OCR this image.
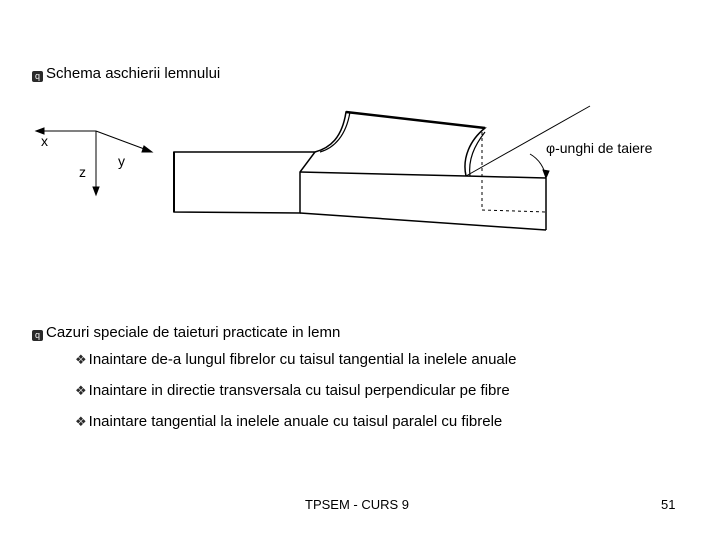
q Schema aschierii lemnului
x
z
y
φ-unghi de taiere
q Cazuri speciale de taieturi practicate in lemn
❖ Inaintare de-a lungul fibrelor cu taisul tangential la inelele anuale
❖ Inaintare in directie transversala cu taisul perpendicular pe fibre
❖ Inaintare tangential la inelele anuale cu taisul paralel cu fibrele
TPSEM - CURS 9	51
